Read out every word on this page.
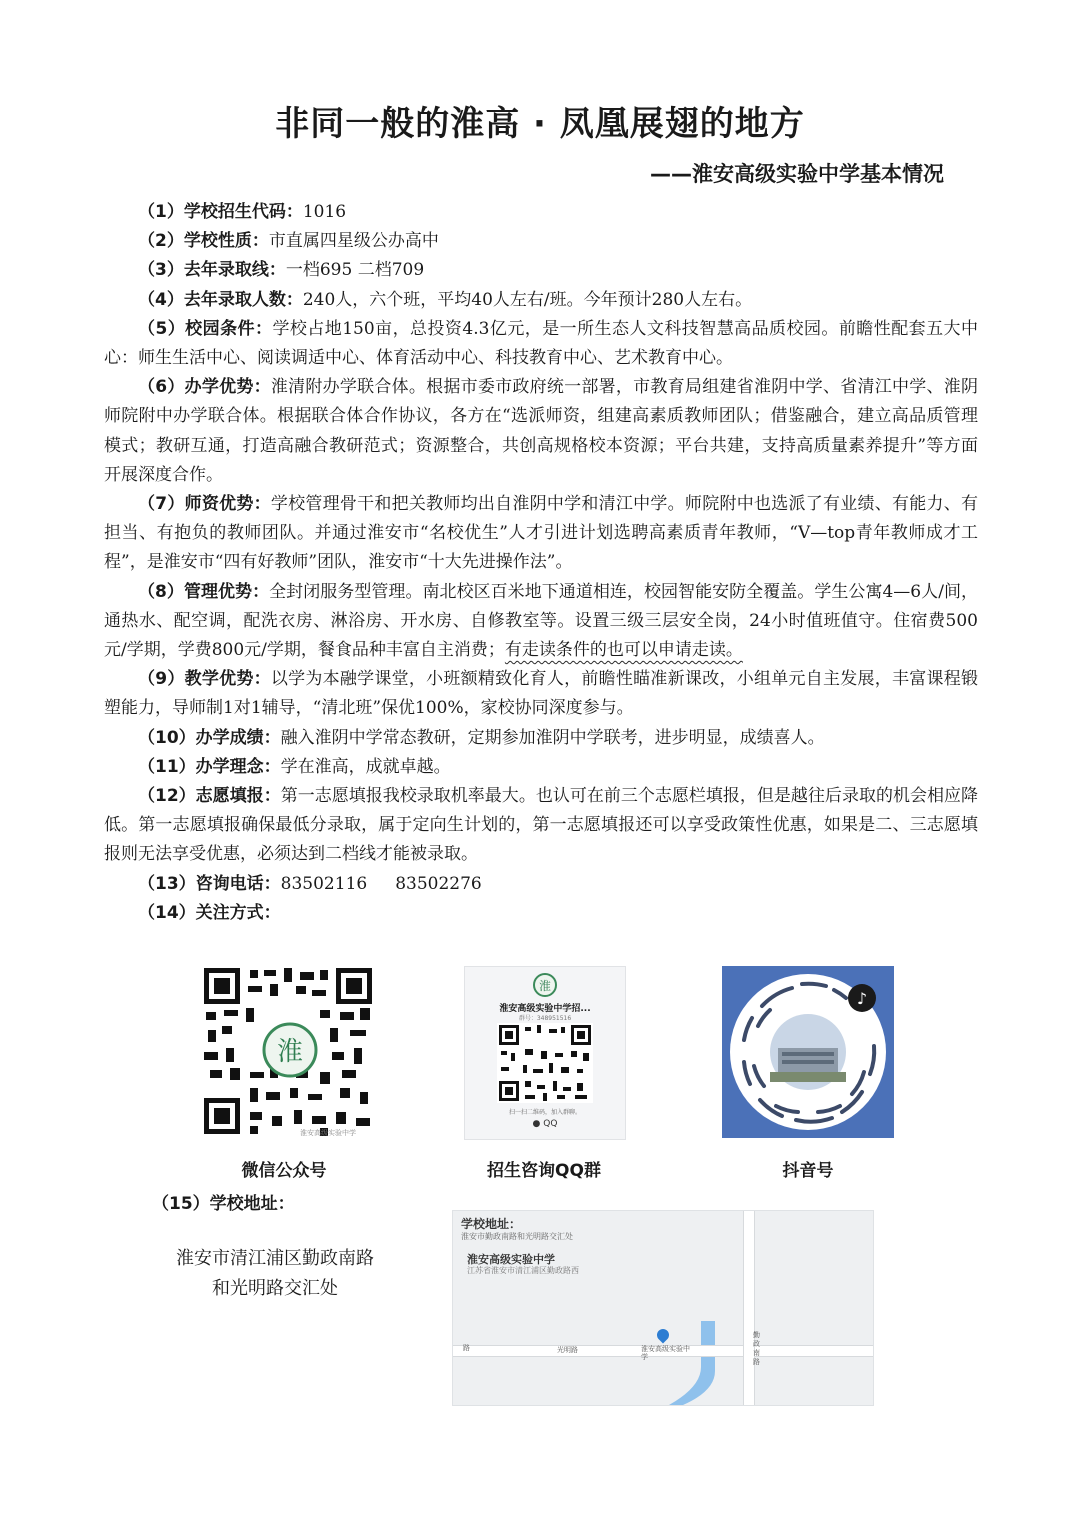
非同一般的淮高 · 凤凰展翅的地方
——淮安高级实验中学基本情况

（1）学校招生代码：1016

（2）学校性质：市直属四星级公办高中

（3）去年录取线：一档695 二档709

（4）去年录取人数：240人，六个班，平均40人左右/班。今年预计280人左右。

（5）校园条件：学校占地150亩，总投资4.3亿元，是一所生态人文科技智慧高品质校园。前瞻性配套五大中心：师生生活中心、阅读调适中心、体育活动中心、科技教育中心、艺术教育中心。

（6）办学优势：淮清附办学联合体。根据市委市政府统一部署，市教育局组建省淮阴中学、省清江中学、淮阴师院附中办学联合体。根据联合体合作协议，各方在“选派师资，组建高素质教师团队；借鉴融合，建立高品质管理模式；教研互通，打造高融合教研范式；资源整合，共创高规格校本资源；平台共建，支持高质量素养提升”等方面开展深度合作。

（7）师资优势：学校管理骨干和把关教师均出自淮阴中学和清江中学。师院附中也选派了有业绩、有能力、有担当、有抱负的教师团队。并通过淮安市“名校优生”人才引进计划选聘高素质青年教师，“V—top青年教师成才工程”，是淮安市“四有好教师”团队，淮安市“十大先进操作法”。

（8）管理优势：全封闭服务型管理。南北校区百米地下通道相连，校园智能安防全覆盖。学生公寓4—6人/间，通热水、配空调，配洗衣房、淋浴房、开水房、自修教室等。设置三级三层安全岗，24小时值班值守。住宿费500元/学期，学费800元/学期，餐食品种丰富自主消费；有走读条件的也可以申请走读。

（9）教学优势：以学为本融学课堂，小班额精致化育人，前瞻性瞄准新课改，小组单元自主发展，丰富课程锻塑能力，导师制1对1辅导，“清北班”保优100%，家校协同深度参与。

（10）办学成绩：融入淮阴中学常态教研，定期参加淮阴中学联考，进步明显，成绩喜人。

（11）办学理念：学在淮高，成就卓越。

（12）志愿填报：第一志愿填报我校录取机率最大。也认可在前三个志愿栏填报，但是越往后录取的机会相应降低。第一志愿填报确保最低分录取，属于定向生计划的，第一志愿填报还可以享受政策性优惠，如果是二、三志愿填报则无法享受优惠，必须达到二档线才能被录取。

（13）咨询电话：83502116 83502276

（14）关注方式：

淮
淮安高级实验中学
淮
淮安高级实验中学招...
群号：348951516
扫一扫二维码，加入群聊。
● QQ
♪
微信公众号	招生咨询QQ群	抖音号
（15）学校地址：
淮安市清江浦区勤政南路
和光明路交汇处
学校地址：
淮安市勤政南路和光明路交汇处
淮安高级实验中学
江苏省淮安市清江浦区勤政路西
路	光明路
勤政南路
淮安高级实验中学
